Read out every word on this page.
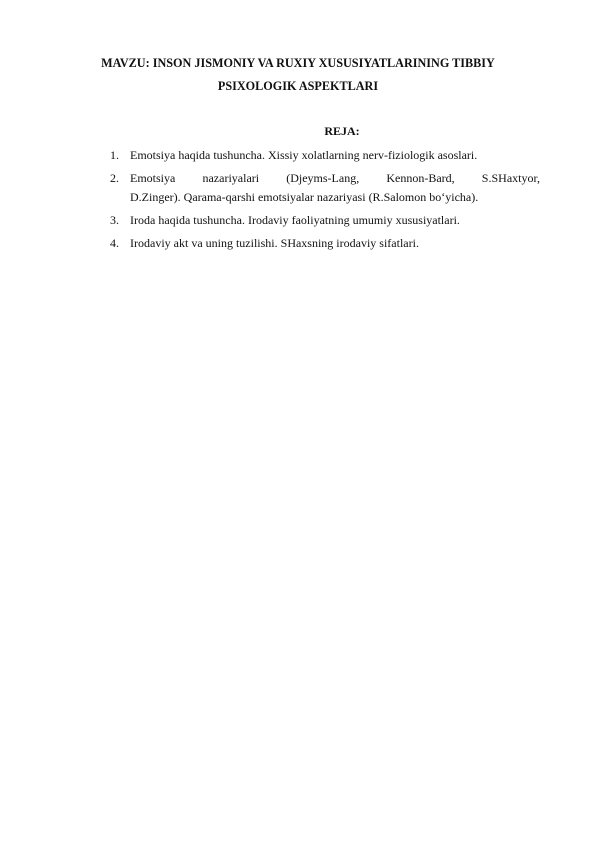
MAVZU: INSON JISMONIY VA RUXIY XUSUSIYATLARINING TIBBIY
PSIXOLOGIK ASPEKTLARI
REJA:
1. Emotsiya haqida tushuncha. Xissiy xolatlarning nerv-fiziologik asoslari.
2. Emotsiya nazariyalari (Djeyms-Lang, Kennon-Bard, S.SHaxtyor,
D.Zinger). Qarama-qarshi emotsiyalar nazariyasi (R.Salomon bo‘yicha).
3. Iroda haqida tushuncha. Irodaviy faoliyatning umumiy xususiyatlari.
4. Irodaviy akt va uning tuzilishi. SHaxsning irodaviy sifatlari.
